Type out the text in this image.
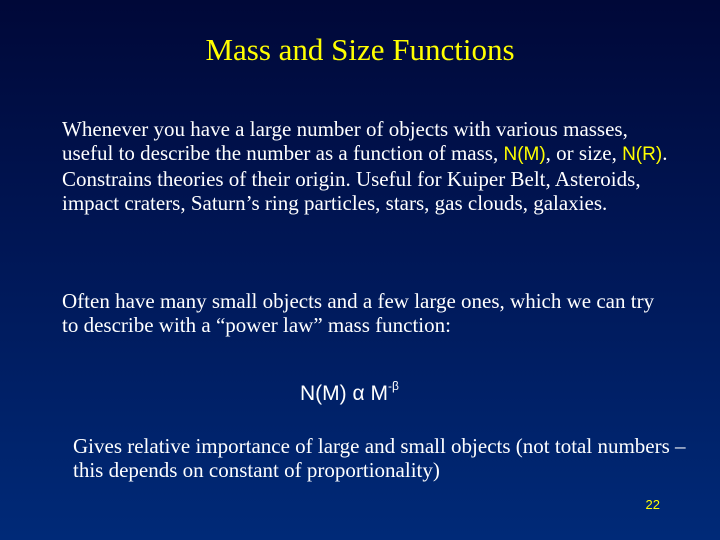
Mass and Size Functions
Whenever you have a large number of objects with various masses, useful to describe the number as a function of mass, N(M), or size, N(R). Constrains theories of their origin. Useful for Kuiper Belt, Asteroids, impact craters, Saturn’s ring particles, stars, gas clouds, galaxies.
Often have many small objects and a few large ones, which we can try to describe with a “power law” mass function:
N(M) α $M^{-\beta}$
Gives relative importance of large and small objects (not total numbers – this depends on constant of proportionality)
22
